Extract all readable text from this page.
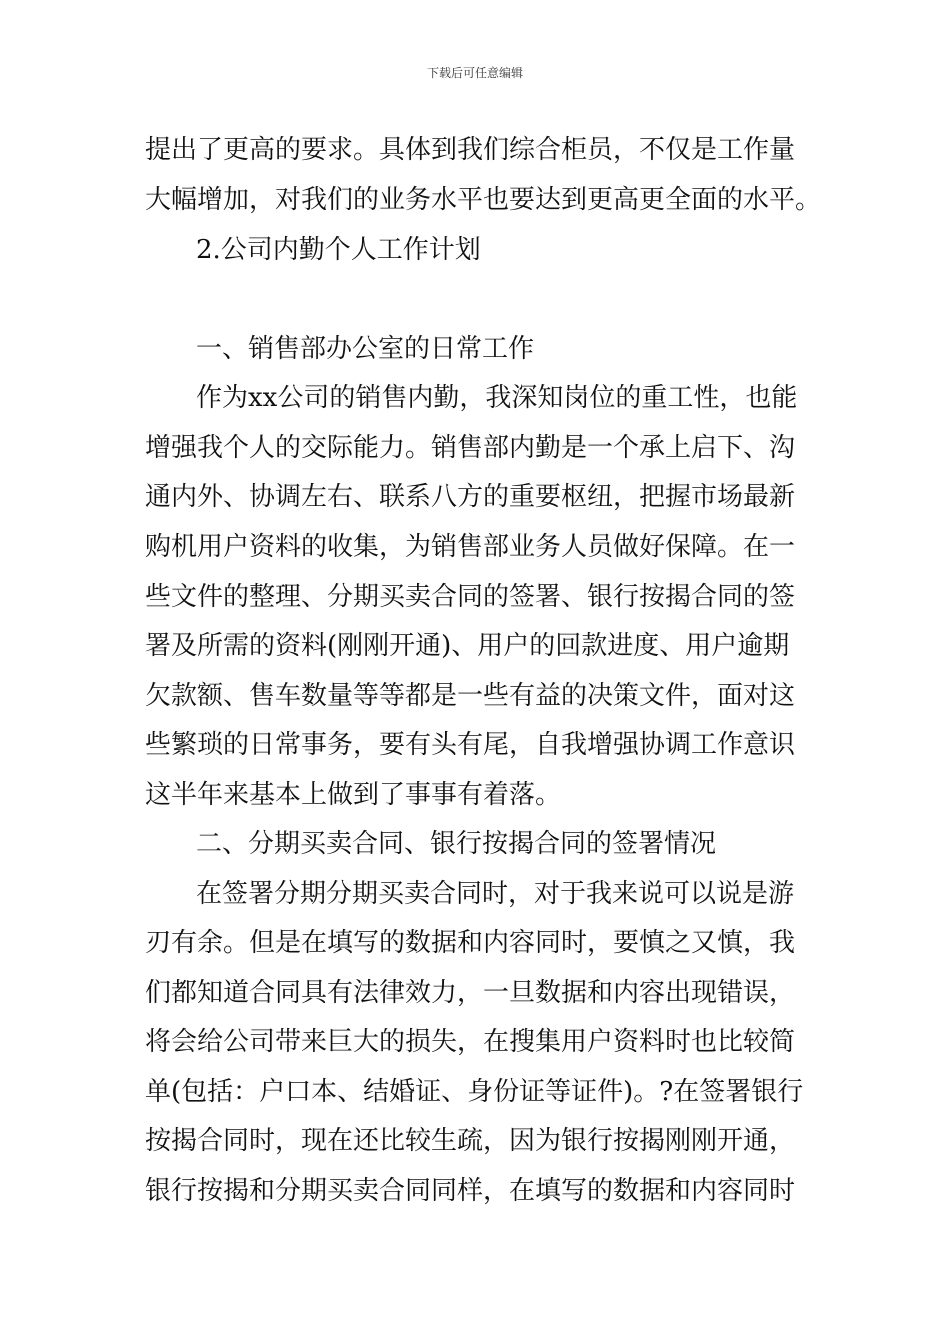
下载后可任意编辑
提出了更高的要求。具体到我们综合柜员，不仅是工作量
大幅增加，对我们的业务水平也要达到更高更全面的水平。
2.公司内勤个人工作计划
一、销售部办公室的日常工作
作为xx公司的销售内勤，我深知岗位的重工性，也能
增强我个人的交际能力。销售部内勤是一个承上启下、沟
通内外、协调左右、联系八方的重要枢纽，把握市场最新
购机用户资料的收集，为销售部业务人员做好保障。在一
些文件的整理、分期买卖合同的签署、银行按揭合同的签
署及所需的资料(刚刚开通)、用户的回款进度、用户逾期
欠款额、售车数量等等都是一些有益的决策文件，面对这
些繁琐的日常事务，要有头有尾，自我增强协调工作意识
这半年来基本上做到了事事有着落。
二、分期买卖合同、银行按揭合同的签署情况
在签署分期分期买卖合同时，对于我来说可以说是游
刃有余。但是在填写的数据和内容同时，要慎之又慎，我
们都知道合同具有法律效力，一旦数据和内容出现错误，
将会给公司带来巨大的损失，在搜集用户资料时也比较简
单(包括：户口本、结婚证、身份证等证件)。?在签署银行
按揭合同时，现在还比较生疏，因为银行按揭刚刚开通，
银行按揭和分期买卖合同同样，在填写的数据和内容同时
